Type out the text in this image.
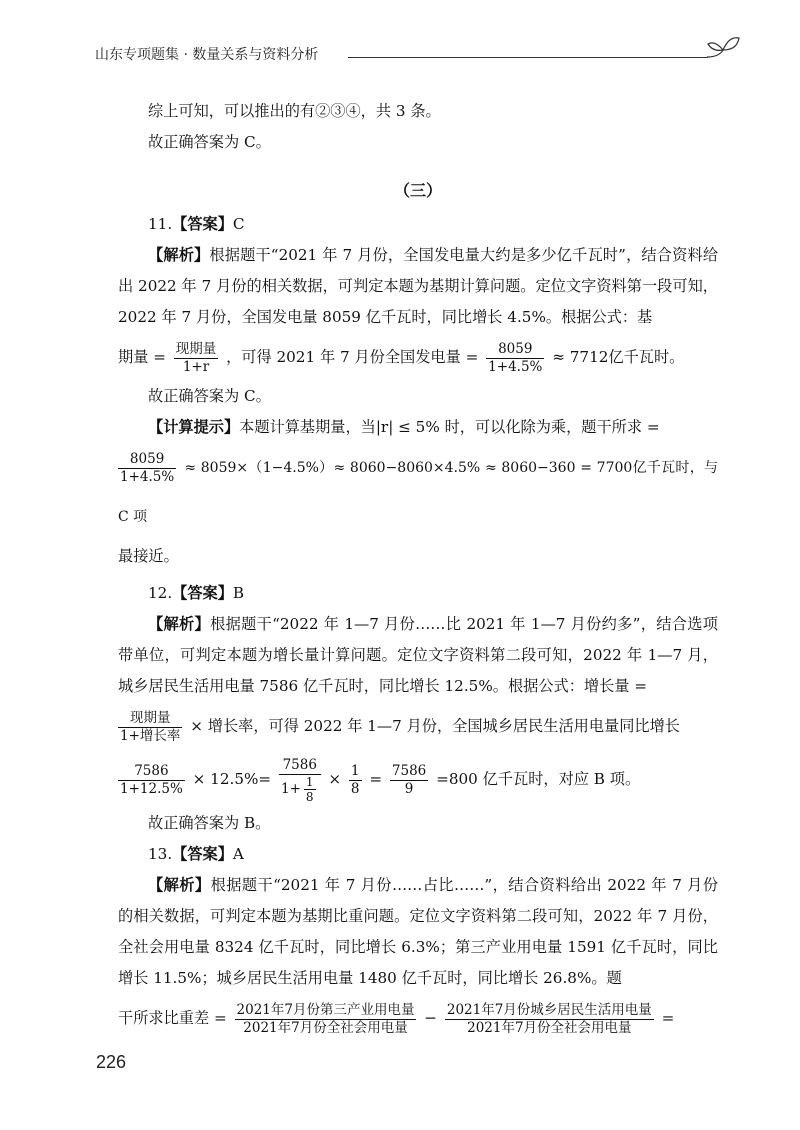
山东专项题集 · 数量关系与资料分析

综上可知，可以推出的有②③④，共 3 条。

故正确答案为 C。

（三）

11.【答案】C

【解析】根据题干“2021 年 7 月份，全国发电量大约是多少亿千瓦时”，结合资料给出 2022 年 7 月份的相关数据，可判定本题为基期计算问题。定位文字资料第一段可知，2022 年 7 月份，全国发电量 8059 亿千瓦时，同比增长 4.5%。根据公式：基

期量 = $\frac{\text{现期量}}{1+r}$ ，可得 2021 年 7 月份全国发电量 = $\frac{8059}{1+4.5\%} \approx 7712$亿千瓦时。

故正确答案为 C。

【计算提示】本题计算基期量，当|r| ≤ 5% 时，可以化除为乘，题干所求 =

$\frac{8059}{1+4.5\%} \approx 8059\times(1-4.5\%)\approx 8060-8060\times 4.5\% \approx 8060-360 = 7700$亿千瓦时，与 C 项

最接近。

12.【答案】B

【解析】根据题干“2022 年 1—7 月份……比 2021 年 1—7 月份约多”，结合选项带单位，可判定本题为增长量计算问题。定位文字资料第二段可知，2022 年 1—7 月，城乡居民生活用电量 7586 亿千瓦时，同比增长 12.5%。根据公式：增长量 =

$\frac{\text{现期量}}{\text{1+增长率}}$ × 增长率，可得 2022 年 1—7 月份，全国城乡居民生活用电量同比增长

$\frac{7586}{1+12.5\%} \times 12.5\%= \frac{7586}{1+ \frac{1}{8}} \times \frac{1}{8} = \frac{7586}{9} =800$ 亿千瓦时，对应 B 项。

故正确答案为 B。

13.【答案】A

【解析】根据题干“2021 年 7 月份……占比……”，结合资料给出 2022 年 7 月份的相关数据，可判定本题为基期比重问题。定位文字资料第二段可知，2022 年 7 月份，全社会用电量 8324 亿千瓦时，同比增长 6.3%；第三产业用电量 1591 亿千瓦时，同比增长 11.5%；城乡居民生活用电量 1480 亿千瓦时，同比增长 26.8%。题

干所求比重差 = $\frac{\text{2021年7月份第三产业用电量}}{\text{2021年7月份全社会用电量}} - \frac{\text{2021年7月份城乡居民生活用电量}}{\text{2021年7月份全社会用电量}}$ =

226
